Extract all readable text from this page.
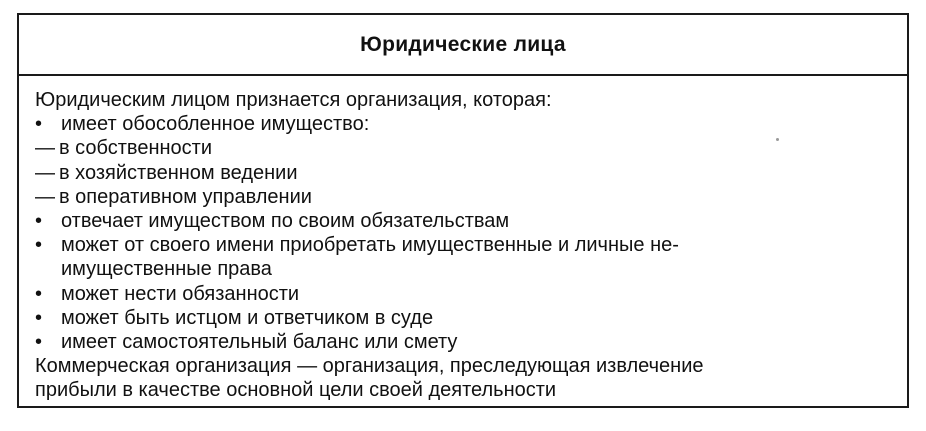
Юридические лица
Юридическим лицом признается организация, которая:
• имеет обособленное имущество:
— в собственности
— в хозяйственном ведении
— в оперативном управлении
• отвечает имуществом по своим обязательствам
• может от своего имени приобретать имущественные и личные не-
имущественные права
• может нести обязанности
• может быть истцом и ответчиком в суде
• имеет самостоятельный баланс или смету
Коммерческая организация — организация, преследующая извлечение
прибыли в качестве основной цели своей деятельности
